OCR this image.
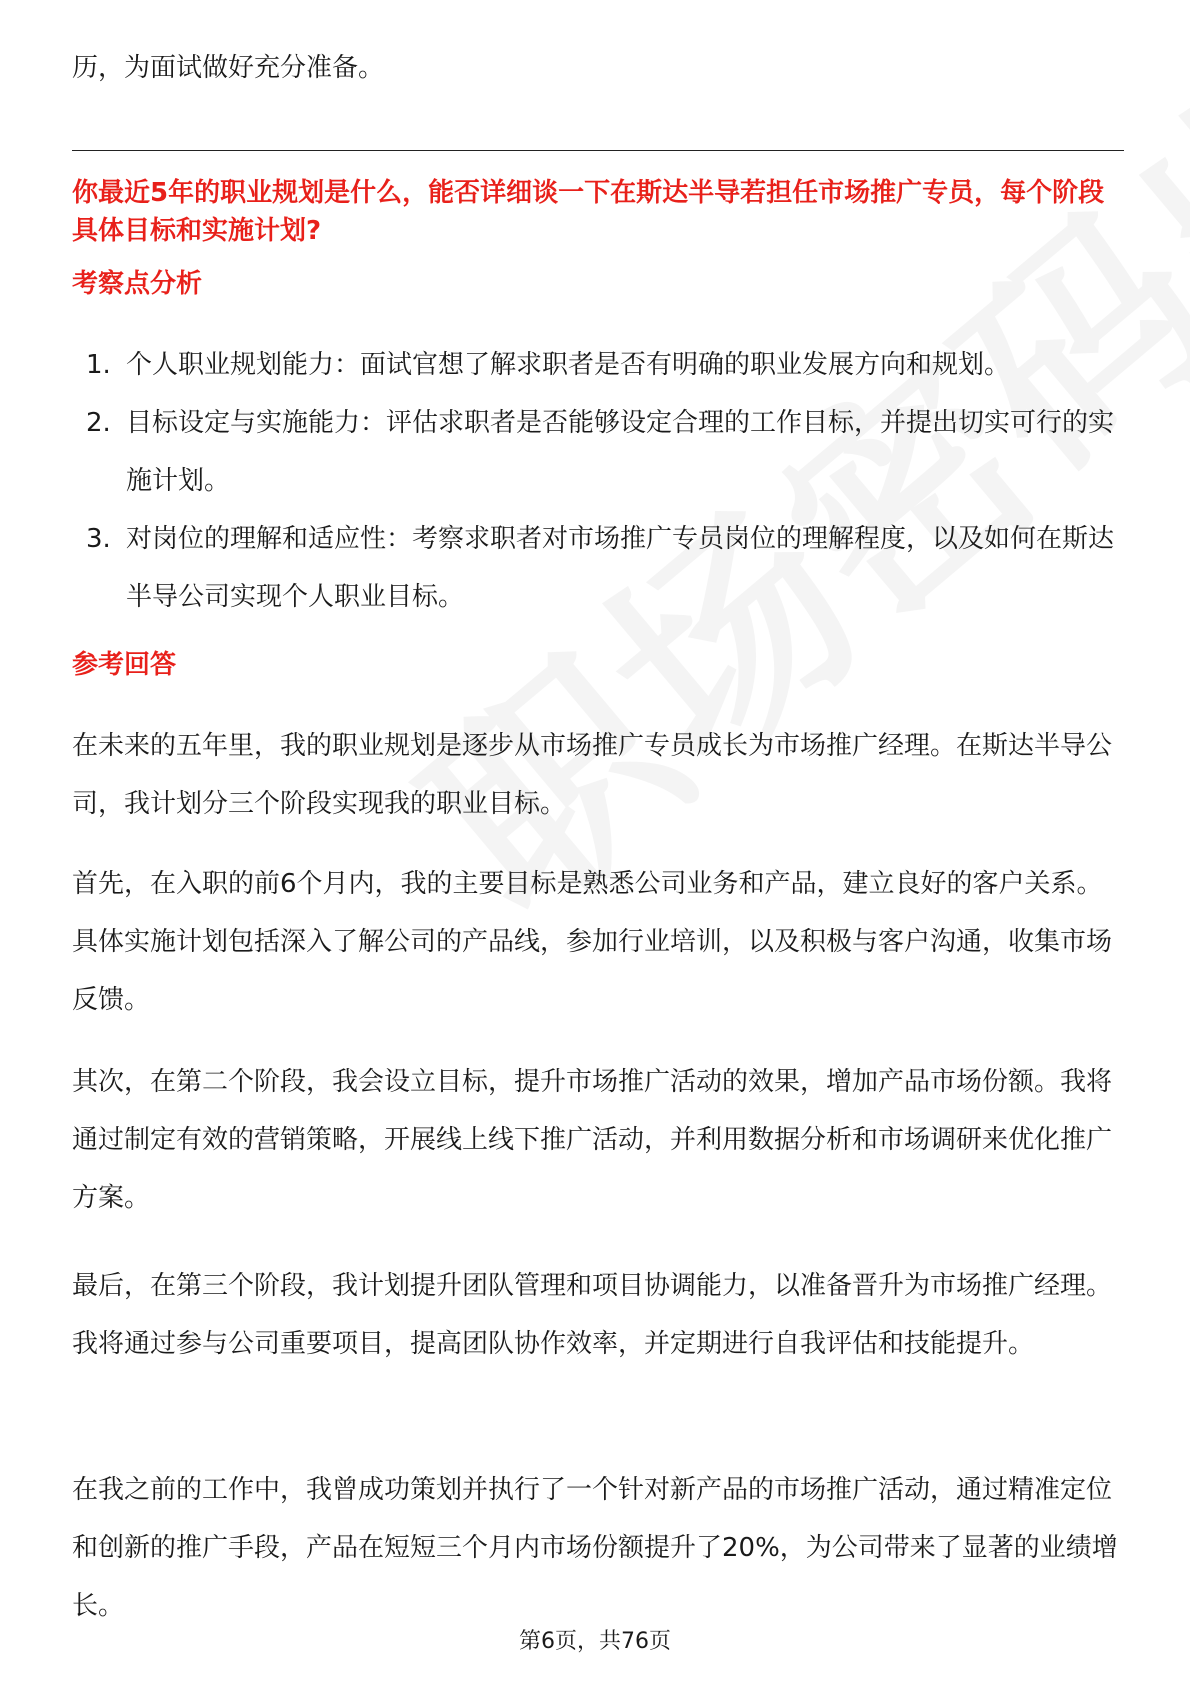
历，为面试做好充分准备。

你最近5年的职业规划是什么，能否详细谈一下在斯达半导若担任市场推广专员，每个阶段具体目标和实施计划?
考察点分析
1. 个人职业规划能力：面试官想了解求职者是否有明确的职业发展方向和规划。
2. 目标设定与实施能力：评估求职者是否能够设定合理的工作目标，并提出切实可行的实施计划。
3. 对岗位的理解和适应性：考察求职者对市场推广专员岗位的理解程度，以及如何在斯达半导公司实现个人职业目标。
参考回答

在未来的五年里，我的职业规划是逐步从市场推广专员成长为市场推广经理。在斯达半导公司，我计划分三个阶段实现我的职业目标。

首先，在入职的前6个月内，我的主要目标是熟悉公司业务和产品，建立良好的客户关系。具体实施计划包括深入了解公司的产品线，参加行业培训，以及积极与客户沟通，收集市场反馈。

其次，在第二个阶段，我会设立目标，提升市场推广活动的效果，增加产品市场份额。我将通过制定有效的营销策略，开展线上线下推广活动，并利用数据分析和市场调研来优化推广方案。

最后，在第三个阶段，我计划提升团队管理和项目协调能力，以准备晋升为市场推广经理。我将通过参与公司重要项目，提高团队协作效率，并定期进行自我评估和技能提升。

在我之前的工作中，我曾成功策划并执行了一个针对新产品的市场推广活动，通过精准定位和创新的推广手段，产品在短短三个月内市场份额提升了20%，为公司带来了显著的业绩增长。

第6页，共76页
